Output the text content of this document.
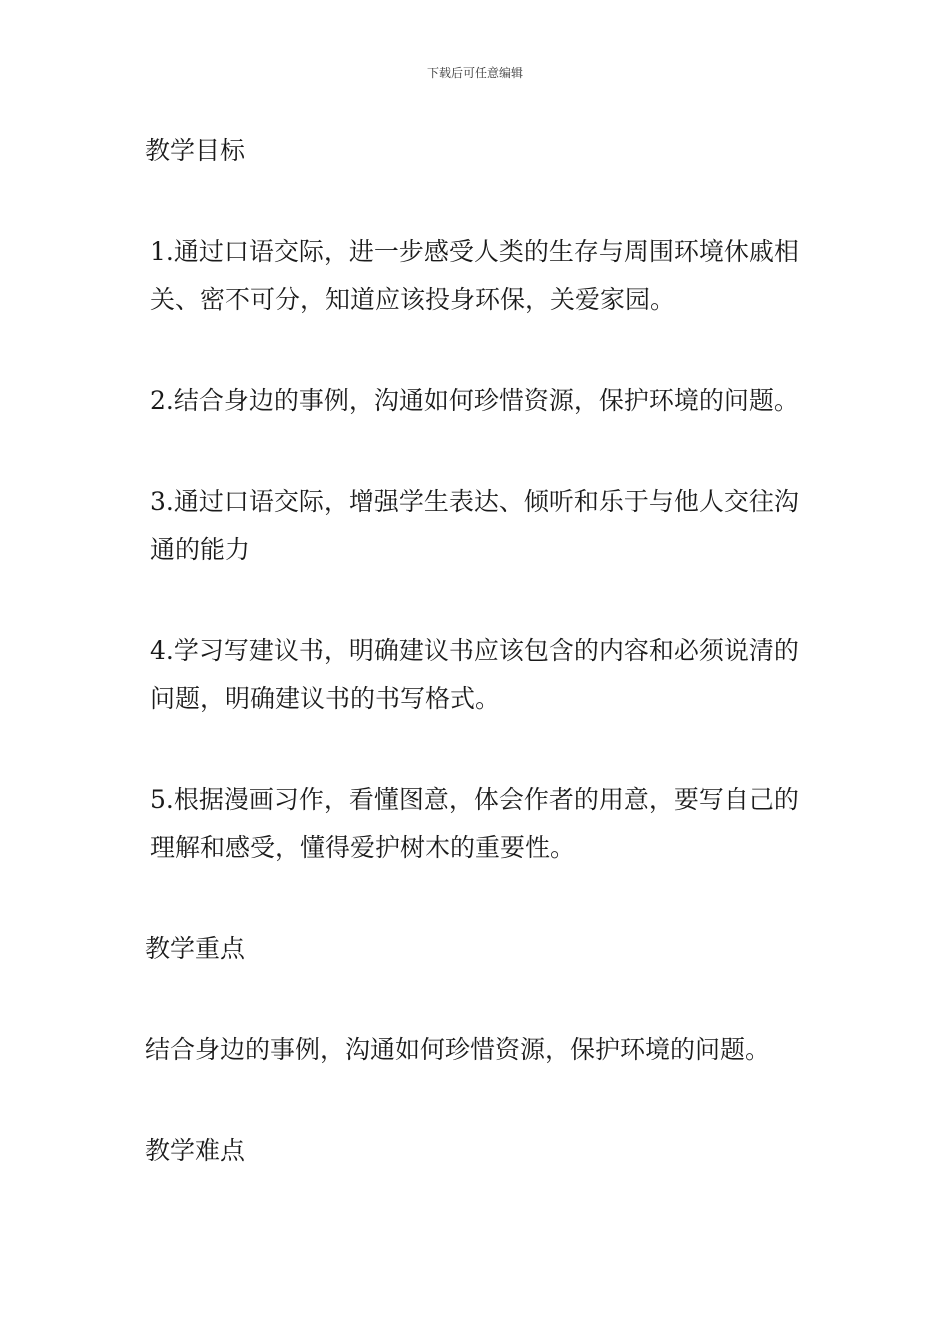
下载后可任意编辑

教学目标

1.通过口语交际，进一步感受人类的生存与周围环境休戚相关、密不可分，知道应该投身环保，关爱家园。

2.结合身边的事例，沟通如何珍惜资源，保护环境的问题。

3.通过口语交际，增强学生表达、倾听和乐于与他人交往沟通的能力

4.学习写建议书，明确建议书应该包含的内容和必须说清的问题，明确建议书的书写格式。

5.根据漫画习作，看懂图意，体会作者的用意，要写自己的理解和感受，懂得爱护树木的重要性。

教学重点

结合身边的事例，沟通如何珍惜资源，保护环境的问题。

教学难点
